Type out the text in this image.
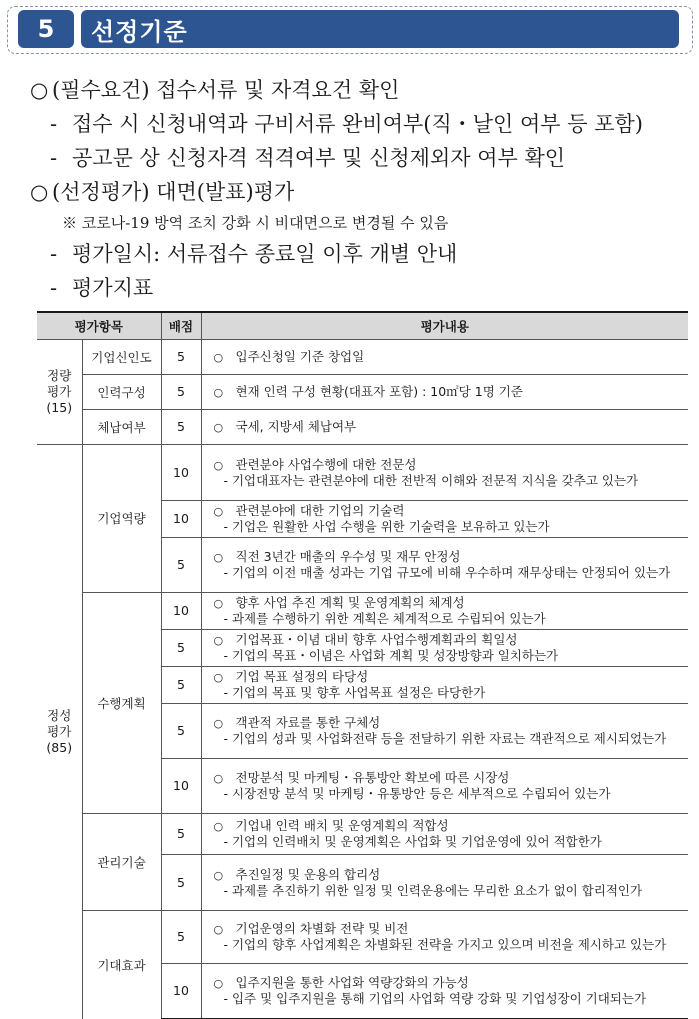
5	선정기준
○ (필수요건) 접수서류 및 자격요건 확인
- 접수 시 신청내역과 구비서류 완비여부(직・날인 여부 등 포함)
- 공고문 상 신청자격 적격여부 및 신청제외자 여부 확인
○ (선정평가) 대면(발표)평가
※ 코로나-19 방역 조치 강화 시 비대면으로 변경될 수 있음
- 평가일시: 서류접수 종료일 이후 개별 안내
- 평가지표
평가항목		배점	평가내용

정량
평가
(15)	기업신인도	5	○ 입주신청일 기준 창업일

	인력구성	5	○ 현재 인력 구성 현황(대표자 포함) : 10㎡당 1명 기준

	체납여부	5	○ 국세, 지방세 체납여부

정성
평가
(85)	기업역량	10	○ 관련분야 사업수행에 대한 전문성
- 기업대표자는 관련분야에 대한 전반적 이해와 전문적 지식을 갖추고 있는가

		10	○ 관련분야에 대한 기업의 기술력
- 기업은 원활한 사업 수행을 위한 기술력을 보유하고 있는가

		5	○ 직전 3년간 매출의 우수성 및 재무 안정성
- 기업의 이전 매출 성과는 기업 규모에 비해 우수하며 재무상태는 안정되어 있는가

	수행계획	10	○ 향후 사업 추진 계획 및 운영계획의 체계성
- 과제를 수행하기 위한 계획은 체계적으로 수립되어 있는가

		5	○ 기업목표・이념 대비 향후 사업수행계획과의 획일성
- 기업의 목표・이념은 사업화 계획 및 성장방향과 일치하는가

		5	○ 기업 목표 설정의 타당성
- 기업의 목표 및 향후 사업목표 설정은 타당한가

		5	○ 객관적 자료를 통한 구체성
- 기업의 성과 및 사업화전략 등을 전달하기 위한 자료는 객관적으로 제시되었는가

		10	○ 전망분석 및 마케팅・유통방안 확보에 따른 시장성
- 시장전망 분석 및 마케팅・유통방안 등은 세부적으로 수립되어 있는가

	관리기술	5	○ 기업내 인력 배치 및 운영계획의 적합성
- 기업의 인력배치 및 운영계획은 사업화 및 기업운영에 있어 적합한가

		5	○ 추진일정 및 운용의 합리성
- 과제를 추진하기 위한 일정 및 인력운용에는 무리한 요소가 없이 합리적인가

	기대효과	5	○ 기업운영의 차별화 전략 및 비전
- 기업의 향후 사업계획은 차별화된 전략을 가지고 있으며 비전을 제시하고 있는가

		10	○ 입주지원을 통한 사업화 역량강화의 가능성
- 입주 및 입주지원을 통해 기업의 사업화 역량 강화 및 기업성장이 기대되는가
